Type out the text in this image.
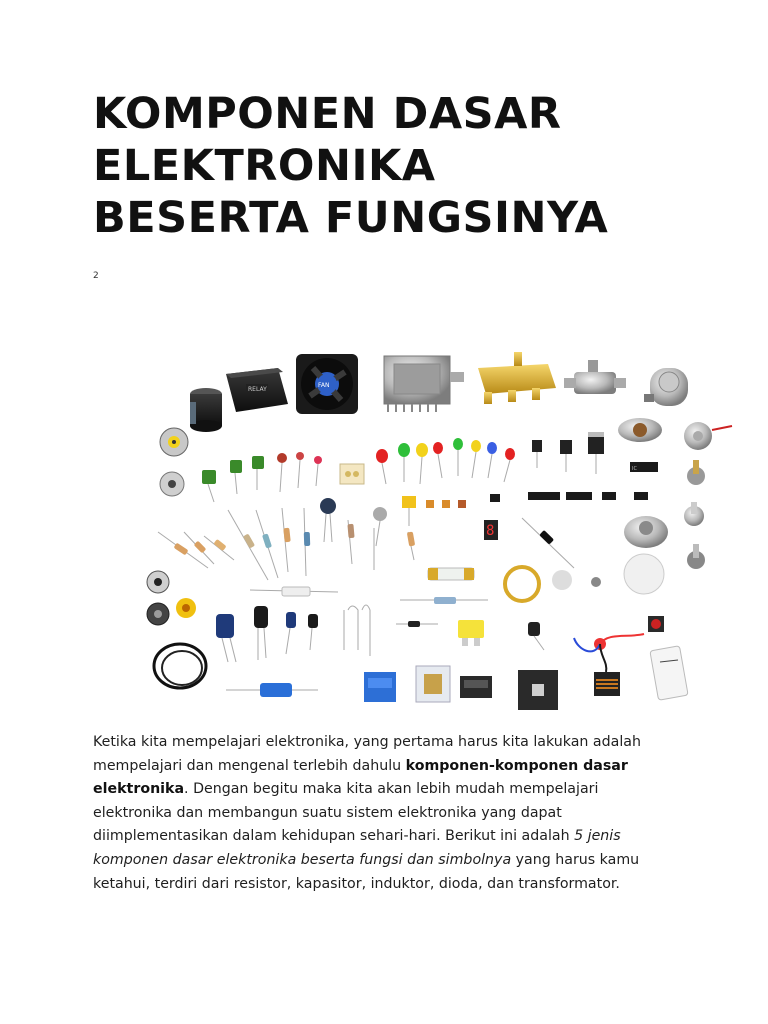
KOMPONEN DASAR
ELEKTRONIKA
BESERTA FUNGSINYA
2
RELAY
FAN
IC
8

Ketika kita mempelajari elektronika, yang pertama harus kita lakukan adalah mempelajari dan mengenal terlebih dahulu komponen-komponen dasar elektronika. Dengan begitu maka kita akan lebih mudah mempelajari elektronika dan membangun suatu sistem elektronika yang dapat diimplementasikan dalam kehidupan sehari-hari. Berikut ini adalah 5 jenis komponen dasar elektronika beserta fungsi dan simbolnya yang harus kamu ketahui, terdiri dari resistor, kapasitor, induktor, dioda, dan transformator.
